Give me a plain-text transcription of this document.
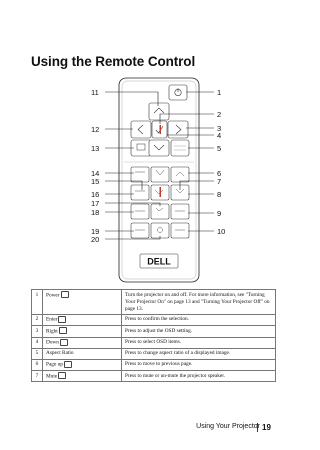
Using the Remote Control
DELL
11	1
2
12	3
4
13	5
14	6
15	7
16	8
17
18	9
19	10
20
1	Power	Turn the projector on and off. For more information, see "Turning Your Projector On" on page 13 and "Turning Your Projector Off" on page 13.
2	Enter	Press to confirm the selection.
3	Right	Press to adjust the OSD setting.
4	Down	Press to select OSD items.
5	Aspect Ratio	Press to change aspect ratio of a displayed image.
6	Page up	Press to move to previous page.
7	Mute	Press to mute or un-mute the projector speaker.
Using Your Projector 19
